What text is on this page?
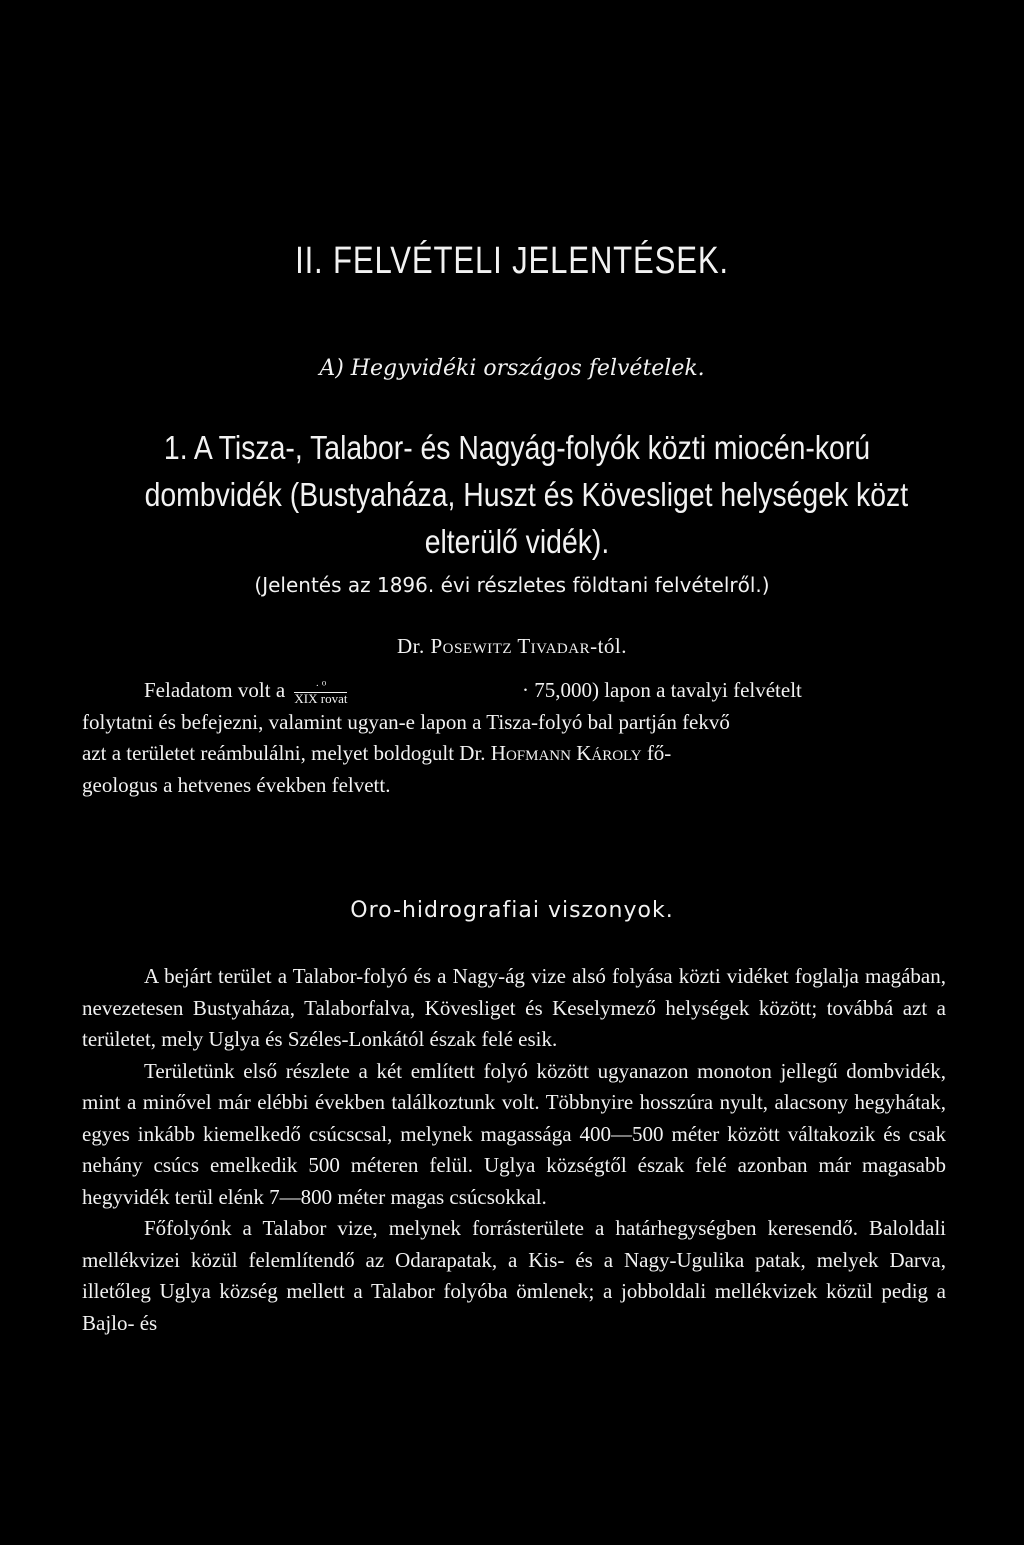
II. FELVÉTELI JELENTÉSEK.
A) Hegyvidéki országos felvételek.
1. A Tisza-, Talabor- és Nagyág-folyók közti miocén-korú
dombvidék (Bustyaháza, Huszt és Kövesliget helységek közt
elterülő vidék).
(Jelentés az 1896. évi részletes földtani felvételről.)
Dr. Posewitz Tivadar-tól.
Feladatom volt a $\frac{\text{· ⁰}}{\text{XIX rovat}}$	· 75,000) lapon a tavalyi felvételt
folytatni és befejezni, valamint ugyan-e lapon a Tisza-folyó bal partján fekvő
azt a területet reámbulálni, melyet boldogult Dr. Hofmann Károly fő-
geologus a hetvenes években felvett.
Oro-hidrografiai viszonyok.

A bejárt terület a Talabor-folyó és a Nagy-ág vize alsó folyása közti vidéket foglalja magában, nevezetesen Bustyaháza, Talaborfalva, Kövesliget és Keselymező helységek között; továbbá azt a területet, mely Uglya és Széles-Lonkától észak felé esik.

Területünk első részlete a két említett folyó között ugyanazon monoton jellegű dombvidék, mint a minővel már elébbi években találkoztunk volt. Többnyire hosszúra nyult, alacsony hegyhátak, egyes inkább kiemelkedő csúcscsal, melynek magassága 400—500 méter között váltakozik és csak nehány csúcs emelkedik 500 méteren felül. Uglya községtől észak felé azonban már magasabb hegyvidék terül elénk 7—800 méter magas csúcsokkal.

Főfolyónk a Talabor vize, melynek forrásterülete a határhegységben keresendő. Baloldali mellékvizei közül felemlítendő az Odarapatak, a Kis- és a Nagy-Ugulika patak, melyek Darva, illetőleg Uglya község mellett a Talabor folyóba ömlenek; a jobboldali mellékvizek közül pedig a Bajlo- és
